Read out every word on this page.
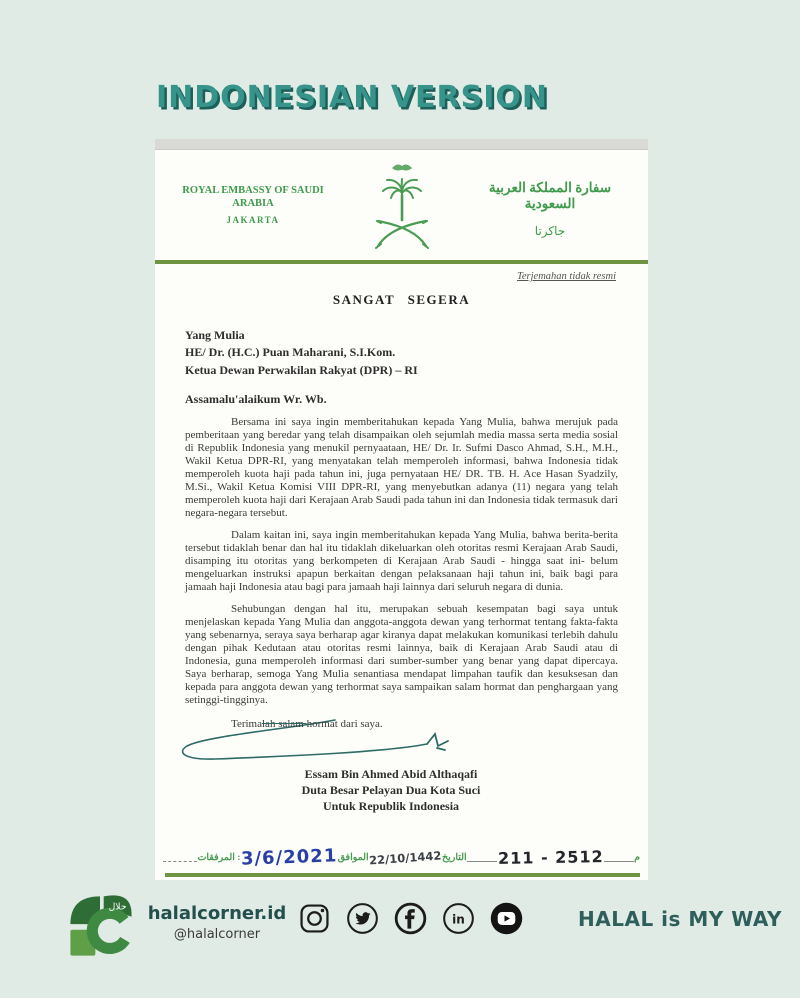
INDONESIAN VERSION
ROYAL EMBASSY OF SAUDI ARABIA
JAKARTA
سفارة المملكة العربية السعودية
جاكرتا
Terjemahan tidak resmi
SANGAT SEGERA
Yang Mulia
HE/ Dr. (H.C.) Puan Maharani, S.I.Kom.
Ketua Dewan Perwakilan Rakyat (DPR) – RI
Assamalu'alaikum Wr. Wb.

Bersama ini saya ingin memberitahukan kepada Yang Mulia, bahwa merujuk pada pemberitaan yang beredar yang telah disampaikan oleh sejumlah media massa serta media sosial di Republik Indonesia yang menukil pernyaataan, HE/ Dr. Ir. Sufmi Dasco Ahmad, S.H., M.H., Wakil Ketua DPR-RI, yang menyatakan telah memperoleh informasi, bahwa Indonesia tidak memperoleh kuota haji pada tahun ini, juga pernyataan HE/ DR. TB. H. Ace Hasan Syadzily, M.Si., Wakil Ketua Komisi VIII DPR-RI, yang menyebutkan adanya (11) negara yang telah memperoleh kuota haji dari Kerajaan Arab Saudi pada tahun ini dan Indonesia tidak termasuk dari negara-negara tersebut.

Dalam kaitan ini, saya ingin memberitahukan kepada Yang Mulia, bahwa berita-berita tersebut tidaklah benar dan hal itu tidaklah dikeluarkan oleh otoritas resmi Kerajaan Arab Saudi, disamping itu otoritas yang berkompeten di Kerajaan Arab Saudi - hingga saat ini- belum mengeluarkan instruksi apapun berkaitan dengan pelaksanaan haji tahun ini, baik bagi para jamaah haji Indonesia atau bagi para jamaah haji lainnya dari seluruh negara di dunia.

Sehubungan dengan hal itu, merupakan sebuah kesempatan bagi saya untuk menjelaskan kepada Yang Mulia dan anggota-anggota dewan yang terhormat tentang fakta-fakta yang sebenarnya, seraya saya berharap agar kiranya dapat melakukan komunikasi terlebih dahulu dengan pihak Kedutaan atau otoritas resmi lainnya, baik di Kerajaan Arab Saudi atau di Indonesia, guna memperoleh informasi dari sumber-sumber yang benar yang dapat dipercaya. Saya berharap, semoga Yang Mulia senantiasa mendapat limpahan taufik dan kesuksesan dan kepada para anggota dewan yang terhormat saya sampaikan salam hormat dan penghargaan yang setinggi-tingginya.

Terimalah salam hormat dari saya.
Essam Bin Ahmed Abid Althaqafi
Duta Besar Pelayan Dua Kota Suci
Untuk Republik Indonesia
المرفقات : 3/6/2021 الموافق 22/10/1442 التاريخ 211 - 2512	م
حلال	halalcorner.id
@halalcorner
in	HALAL is MY WAY
